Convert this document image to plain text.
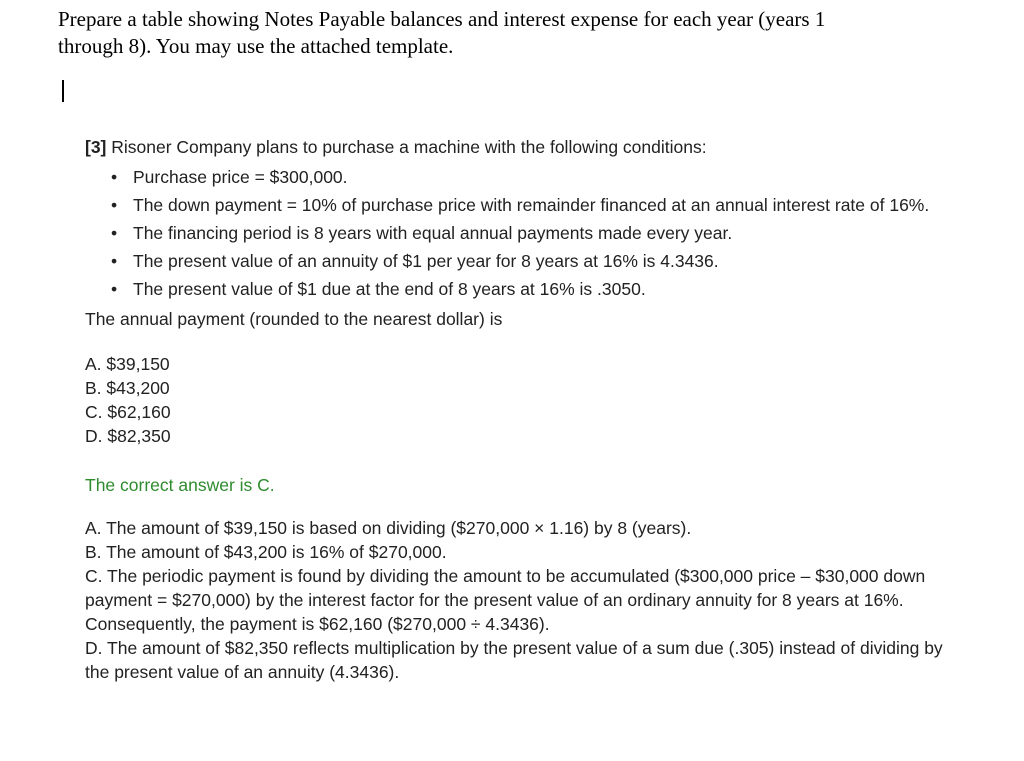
Prepare a table showing Notes Payable balances and interest expense for each year (years 1

through 8). You may use the attached template.

[3] Risoner Company plans to purchase a machine with the following conditions:

• Purchase price = $300,000.
• The down payment = 10% of purchase price with remainder financed at an annual interest rate of 16%.
• The financing period is 8 years with equal annual payments made every year.
• The present value of an annuity of $1 per year for 8 years at 16% is 4.3436.
• The present value of $1 due at the end of 8 years at 16% is .3050.

The annual payment (rounded to the nearest dollar) is

A. $39,150
B. $43,200
C. $62,160
D. $82,350

The correct answer is C.

A. The amount of $39,150 is based on dividing ($270,000 × 1.16) by 8 (years).
B. The amount of $43,200 is 16% of $270,000.
C. The periodic payment is found by dividing the amount to be accumulated ($300,000 price – $30,000 down payment = $270,000) by the interest factor for the present value of an ordinary annuity for 8 years at 16%. Consequently, the payment is $62,160 ($270,000 ÷ 4.3436).
D. The amount of $82,350 reflects multiplication by the present value of a sum due (.305) instead of dividing by the present value of an annuity (4.3436).
